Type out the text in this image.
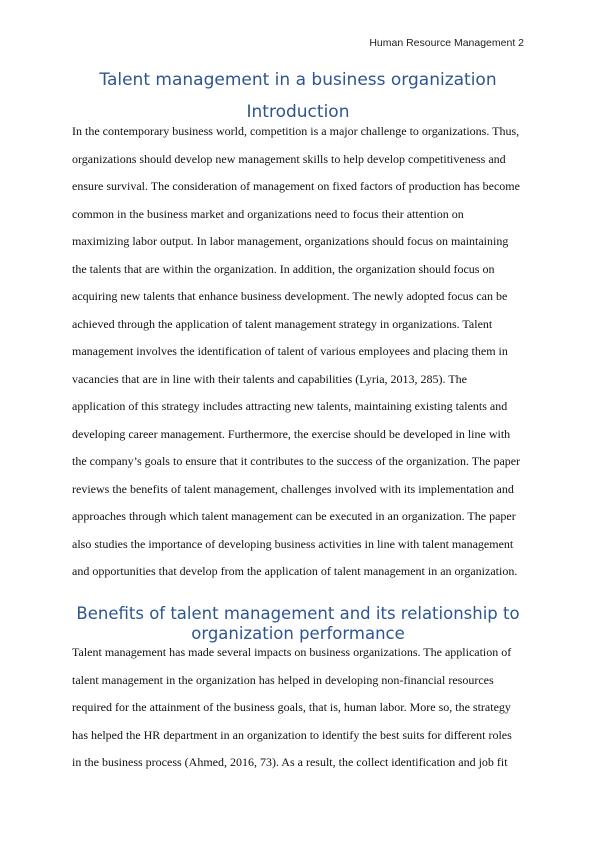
Human Resource Management 2
Talent management in a business organization
Introduction
In the contemporary business world, competition is a major challenge to organizations. Thus,
organizations should develop new management skills to help develop competitiveness and
ensure survival. The consideration of management on fixed factors of production has become
common in the business market and organizations need to focus their attention on
maximizing labor output. In labor management, organizations should focus on maintaining
the talents that are within the organization. In addition, the organization should focus on
acquiring new talents that enhance business development. The newly adopted focus can be
achieved through the application of talent management strategy in organizations. Talent
management involves the identification of talent of various employees and placing them in
vacancies that are in line with their talents and capabilities (Lyria, 2013, 285). The
application of this strategy includes attracting new talents, maintaining existing talents and
developing career management. Furthermore, the exercise should be developed in line with
the company’s goals to ensure that it contributes to the success of the organization. The paper
reviews the benefits of talent management, challenges involved with its implementation and
approaches through which talent management can be executed in an organization. The paper
also studies the importance of developing business activities in line with talent management
and opportunities that develop from the application of talent management in an organization.
Benefits of talent management and its relationship to
organization performance
Talent management has made several impacts on business organizations. The application of
talent management in the organization has helped in developing non-financial resources
required for the attainment of the business goals, that is, human labor. More so, the strategy
has helped the HR department in an organization to identify the best suits for different roles
in the business process (Ahmed, 2016, 73). As a result, the collect identification and job fit
